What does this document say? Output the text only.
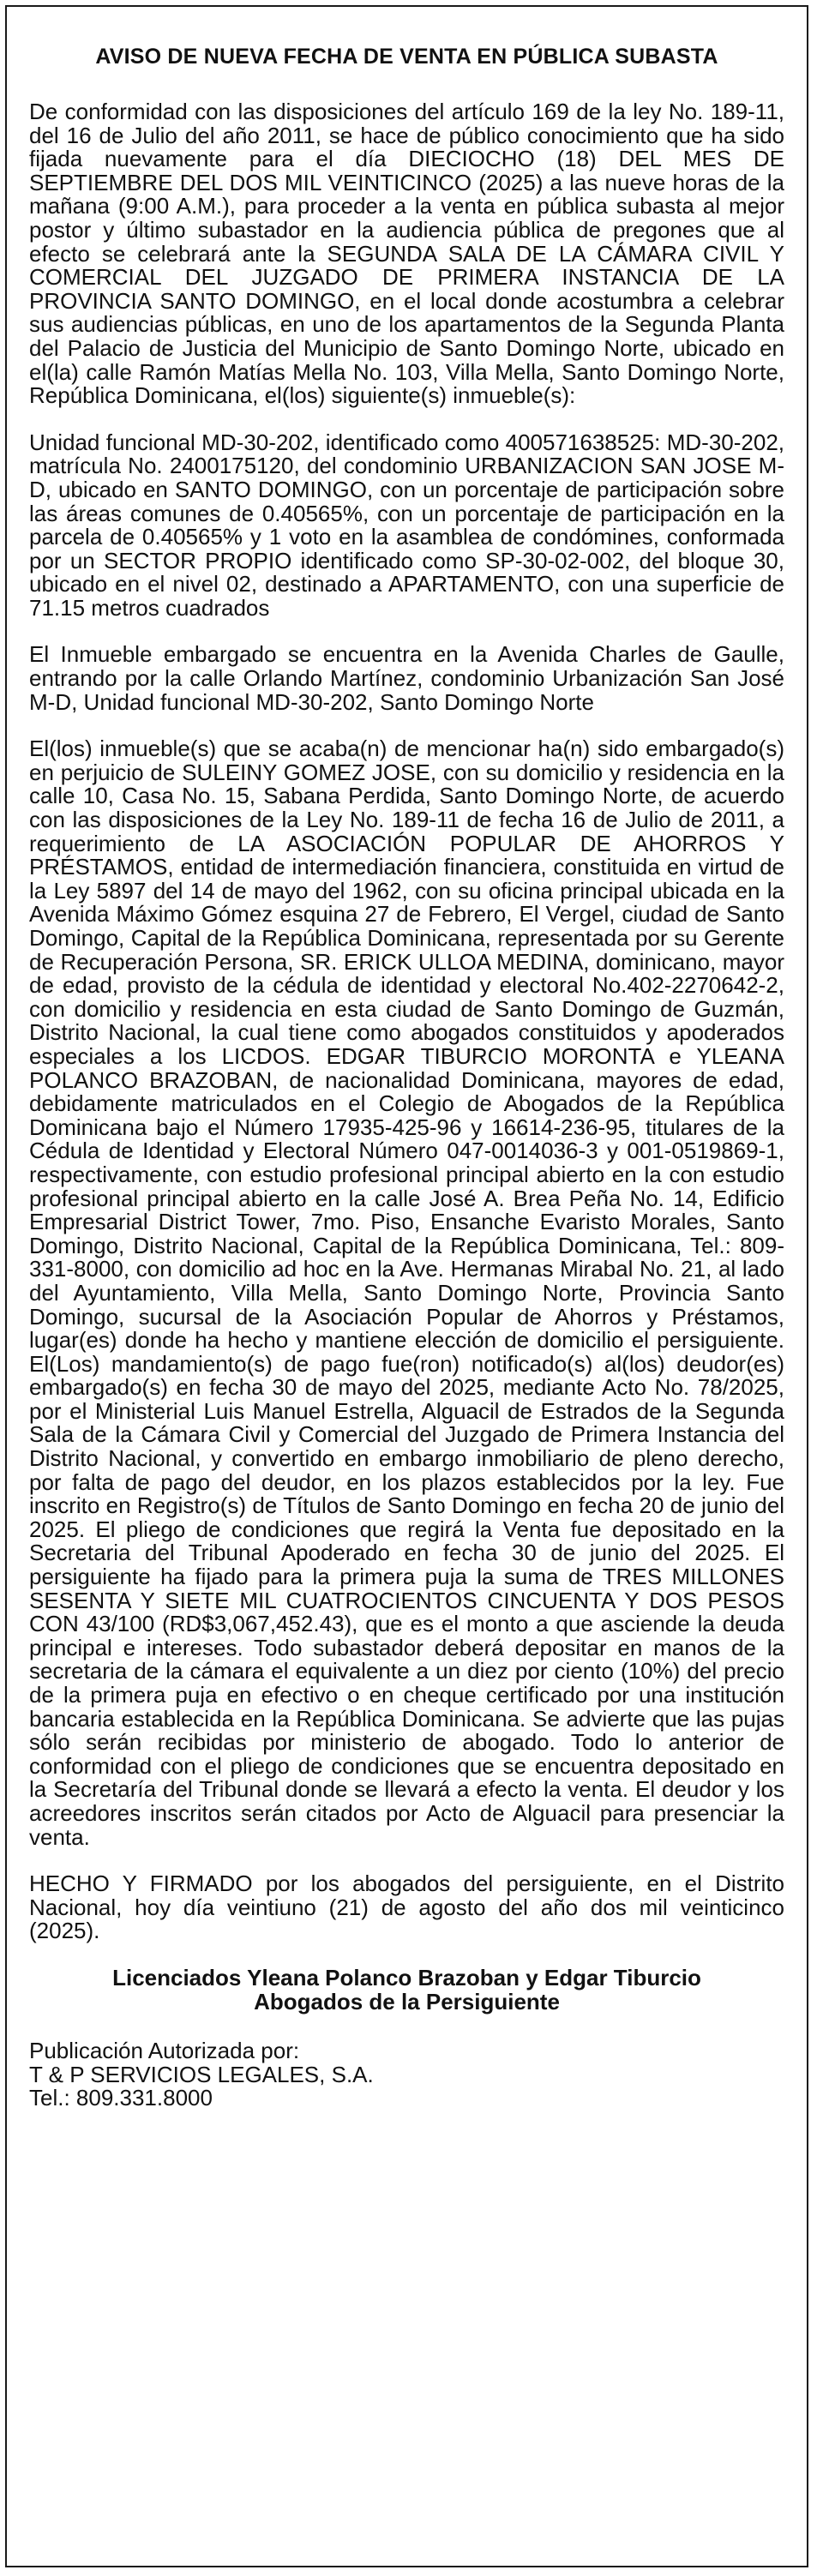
AVISO DE NUEVA FECHA DE VENTA EN PÚBLICA SUBASTA

De conformidad con las disposiciones del artículo 169 de la ley No. 189-11, del 16 de Julio del año 2011, se hace de público conocimiento que ha sido fijada nuevamente para el día DIECIOCHO (18) DEL MES DE SEPTIEMBRE DEL DOS MIL VEINTICINCO (2025) a las nueve horas de la mañana (9:00 A.M.), para proceder a la venta en pública subasta al mejor postor y último subastador en la audiencia pública de pregones que al efecto se celebrará ante la SEGUNDA SALA DE LA CÁMARA CIVIL Y COMERCIAL DEL JUZGADO DE PRIMERA INSTANCIA DE LA PROVINCIA SANTO DOMINGO, en el local donde acostumbra a celebrar sus audiencias públicas, en uno de los apartamentos de la Segunda Planta del Palacio de Justicia del Municipio de Santo Domingo Norte, ubicado en el(la) calle Ramón Matías Mella No. 103, Villa Mella, Santo Domingo Norte, República Dominicana, el(los) siguiente(s) inmueble(s):

Unidad funcional MD-30-202, identificado como 400571638525: MD-30-202, matrícula No. 2400175120, del condominio URBANIZACION SAN JOSE M-D, ubicado en SANTO DOMINGO, con un porcentaje de participación sobre las áreas comunes de 0.40565%, con un porcentaje de participación en la parcela de 0.40565% y 1 voto en la asamblea de condómines, conformada por un SECTOR PROPIO identificado como SP-30-02-002, del bloque 30, ubicado en el nivel 02, destinado a APARTAMENTO, con una superficie de 71.15 metros cuadrados

El Inmueble embargado se encuentra en la Avenida Charles de Gaulle, entrando por la calle Orlando Martínez, condominio Urbanización San José M-D, Unidad funcional MD-30-202, Santo Domingo Norte

El(los) inmueble(s) que se acaba(n) de mencionar ha(n) sido embargado(s) en perjuicio de SULEINY GOMEZ JOSE, con su domicilio y residencia en la calle 10, Casa No. 15, Sabana Perdida, Santo Domingo Norte, de acuerdo con las disposiciones de la Ley No. 189-11 de fecha 16 de Julio de 2011, a requerimiento de LA ASOCIACIÓN POPULAR DE AHORROS Y PRÉSTAMOS, entidad de intermediación financiera, constituida en virtud de la Ley 5897 del 14 de mayo del 1962, con su oficina principal ubicada en la Avenida Máximo Gómez esquina 27 de Febrero, El Vergel, ciudad de Santo Domingo, Capital de la República Dominicana, representada por su Gerente de Recuperación Persona, SR. ERICK ULLOA MEDINA, dominicano, mayor de edad, provisto de la cédula de identidad y electoral No.402-2270642-2, con domicilio y residencia en esta ciudad de Santo Domingo de Guzmán, Distrito Nacional, la cual tiene como abogados constituidos y apoderados especiales a los LICDOS. EDGAR TIBURCIO MORONTA e YLEANA POLANCO BRAZOBAN, de nacionalidad Dominicana, mayores de edad, debidamente matriculados en el Colegio de Abogados de la República Dominicana bajo el Número 17935-425-96 y 16614-236-95, titulares de la Cédula de Identidad y Electoral Número 047-0014036-3 y 001-0519869-1, respectivamente, con estudio profesional principal abierto en la con estudio profesional principal abierto en la calle José A. Brea Peña No. 14, Edificio Empresarial District Tower, 7mo. Piso, Ensanche Evaristo Morales, Santo Domingo, Distrito Nacional, Capital de la República Dominicana, Tel.: 809-331-8000, con domicilio ad hoc en la Ave. Hermanas Mirabal No. 21, al lado del Ayuntamiento, Villa Mella, Santo Domingo Norte, Provincia Santo Domingo, sucursal de la Asociación Popular de Ahorros y Préstamos, lugar(es) donde ha hecho y mantiene elección de domicilio el persiguiente. El(Los) mandamiento(s) de pago fue(ron) notificado(s) al(los) deudor(es) embargado(s) en fecha 30 de mayo del 2025, mediante Acto No. 78/2025, por el Ministerial Luis Manuel Estrella, Alguacil de Estrados de la Segunda Sala de la Cámara Civil y Comercial del Juzgado de Primera Instancia del Distrito Nacional, y convertido en embargo inmobiliario de pleno derecho, por falta de pago del deudor, en los plazos establecidos por la ley. Fue inscrito en Registro(s) de Títulos de Santo Domingo en fecha 20 de junio del 2025. El pliego de condiciones que regirá la Venta fue depositado en la Secretaria del Tribunal Apoderado en fecha 30 de junio del 2025. El persiguiente ha fijado para la primera puja la suma de TRES MILLONES SESENTA Y SIETE MIL CUATROCIENTOS CINCUENTA Y DOS PESOS CON 43/100 (RD$3,067,452.43), que es el monto a que asciende la deuda principal e intereses. Todo subastador deberá depositar en manos de la secretaria de la cámara el equivalente a un diez por ciento (10%) del precio de la primera puja en efectivo o en cheque certificado por una institución bancaria establecida en la República Dominicana. Se advierte que las pujas sólo serán recibidas por ministerio de abogado. Todo lo anterior de conformidad con el pliego de condiciones que se encuentra depositado en la Secretaría del Tribunal donde se llevará a efecto la venta. El deudor y los acreedores inscritos serán citados por Acto de Alguacil para presenciar la venta.

HECHO Y FIRMADO por los abogados del persiguiente, en el Distrito Nacional, hoy día veintiuno (21) de agosto del año dos mil veinticinco (2025).

Licenciados Yleana Polanco Brazoban y Edgar Tiburcio
Abogados de la Persiguiente
Publicación Autorizada por:
T & P SERVICIOS LEGALES, S.A.
Tel.: 809.331.8000
